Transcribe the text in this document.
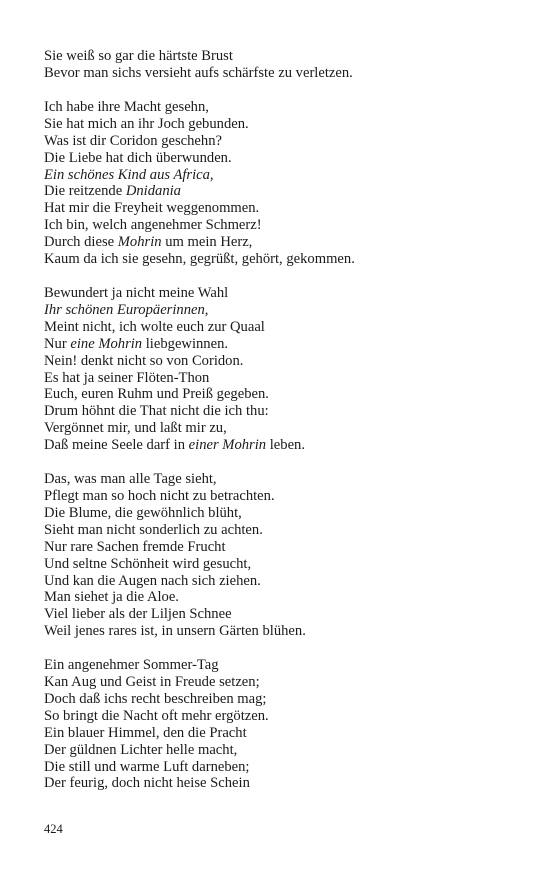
Sie weiß so gar die härtste Brust
Bevor man sichs versieht aufs schärfste zu verletzen.
Ich habe ihre Macht gesehn,
Sie hat mich an ihr Joch gebunden.
Was ist dir Coridon geschehn?
Die Liebe hat dich überwunden.
Ein schönes Kind aus Africa,
Die reitzende Dnidania
Hat mir die Freyheit weggenommen.
Ich bin, welch angenehmer Schmerz!
Durch diese Mohrin um mein Herz,
Kaum da ich sie gesehn, gegrüßt, gehört, gekommen.
Bewundert ja nicht meine Wahl
Ihr schönen Europäerinnen,
Meint nicht, ich wolte euch zur Quaal
Nur eine Mohrin liebgewinnen.
Nein! denkt nicht so von Coridon.
Es hat ja seiner Flöten-Thon
Euch, euren Ruhm und Preiß gegeben.
Drum höhnt die That nicht die ich thu:
Vergönnet mir, und laßt mir zu,
Daß meine Seele darf in einer Mohrin leben.
Das, was man alle Tage sieht,
Pflegt man so hoch nicht zu betrachten.
Die Blume, die gewöhnlich blüht,
Sieht man nicht sonderlich zu achten.
Nur rare Sachen fremde Frucht
Und seltne Schönheit wird gesucht,
Und kan die Augen nach sich ziehen.
Man siehet ja die Aloe.
Viel lieber als der Liljen Schnee
Weil jenes rares ist, in unsern Gärten blühen.
Ein angenehmer Sommer-Tag
Kan Aug und Geist in Freude setzen;
Doch daß ichs recht beschreiben mag;
So bringt die Nacht oft mehr ergötzen.
Ein blauer Himmel, den die Pracht
Der güldnen Lichter helle macht,
Die still und warme Luft darneben;
Der feurig, doch nicht heise Schein
424
